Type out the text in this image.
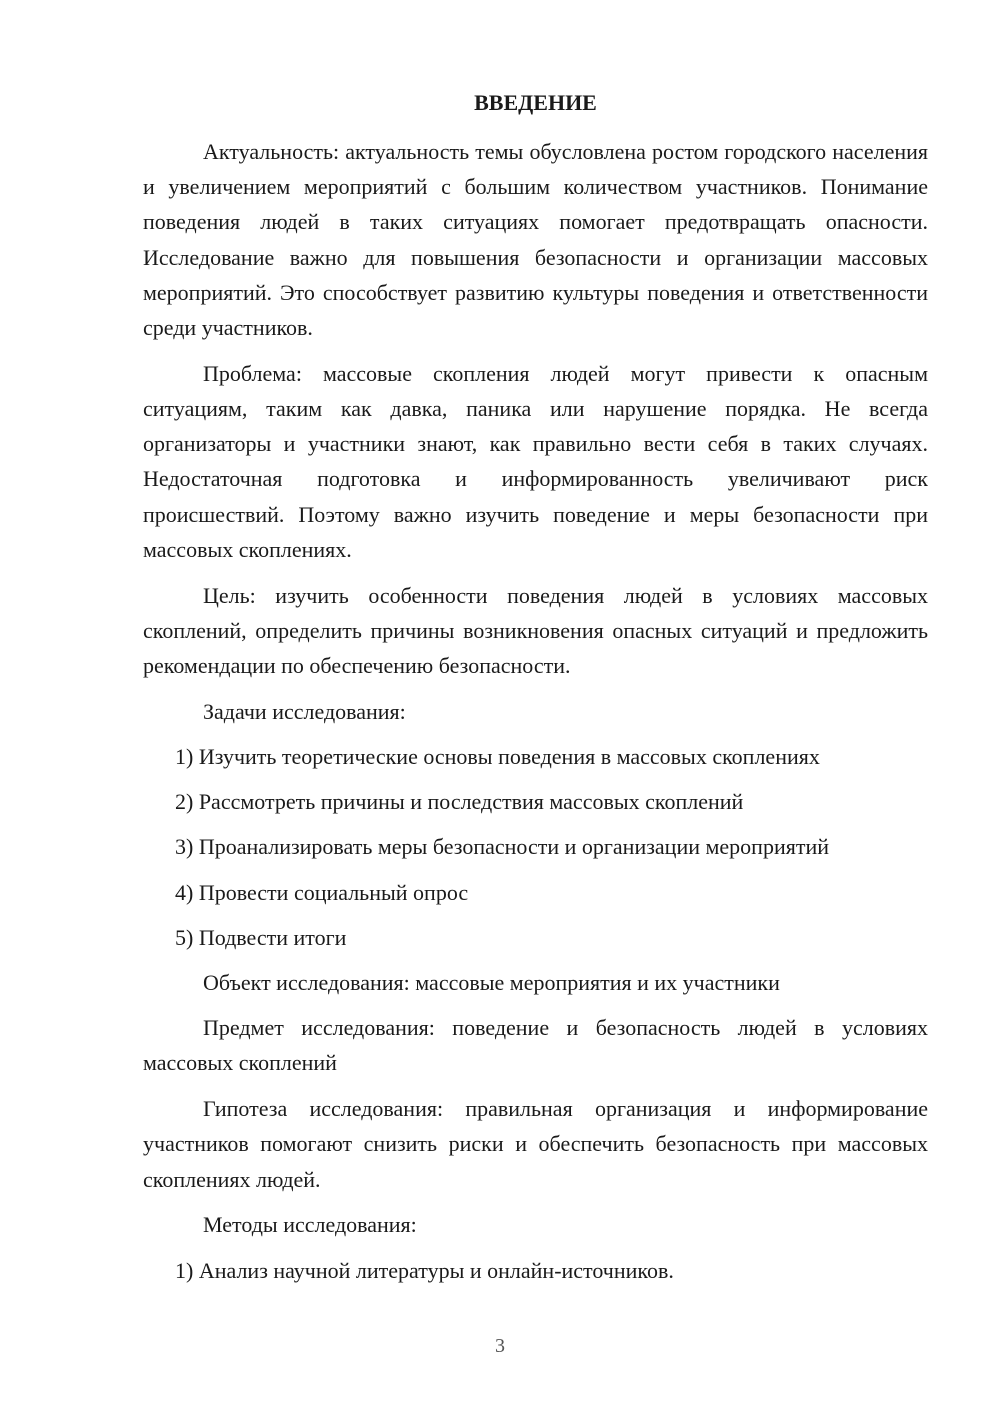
ВВЕДЕНИЕ

Актуальность: актуальность темы обусловлена ростом городского населения и увеличением мероприятий с большим количеством участников. Понимание поведения людей в таких ситуациях помогает предотвращать опасности. Исследование важно для повышения безопасности и организации массовых мероприятий. Это способствует развитию культуры поведения и ответственности среди участников.

Проблема: массовые скопления людей могут привести к опасным ситуациям, таким как давка, паника или нарушение порядка. Не всегда организаторы и участники знают, как правильно вести себя в таких случаях. Недостаточная подготовка и информированность увеличивают риск происшествий. Поэтому важно изучить поведение и меры безопасности при массовых скоплениях.

Цель: изучить особенности поведения людей в условиях массовых скоплений, определить причины возникновения опасных ситуаций и предложить рекомендации по обеспечению безопасности.

Задачи исследования:

1) Изучить теоретические основы поведения в массовых скоплениях

2) Рассмотреть причины и последствия массовых скоплений

3) Проанализировать меры безопасности и организации мероприятий

4) Провести социальный опрос

5) Подвести итоги

Объект исследования: массовые мероприятия и их участники

Предмет исследования: поведение и безопасность людей в условиях массовых скоплений

Гипотеза исследования: правильная организация и информирование участников помогают снизить риски и обеспечить безопасность при массовых скоплениях людей.

Методы исследования:

1) Анализ научной литературы и онлайн-источников.

3
